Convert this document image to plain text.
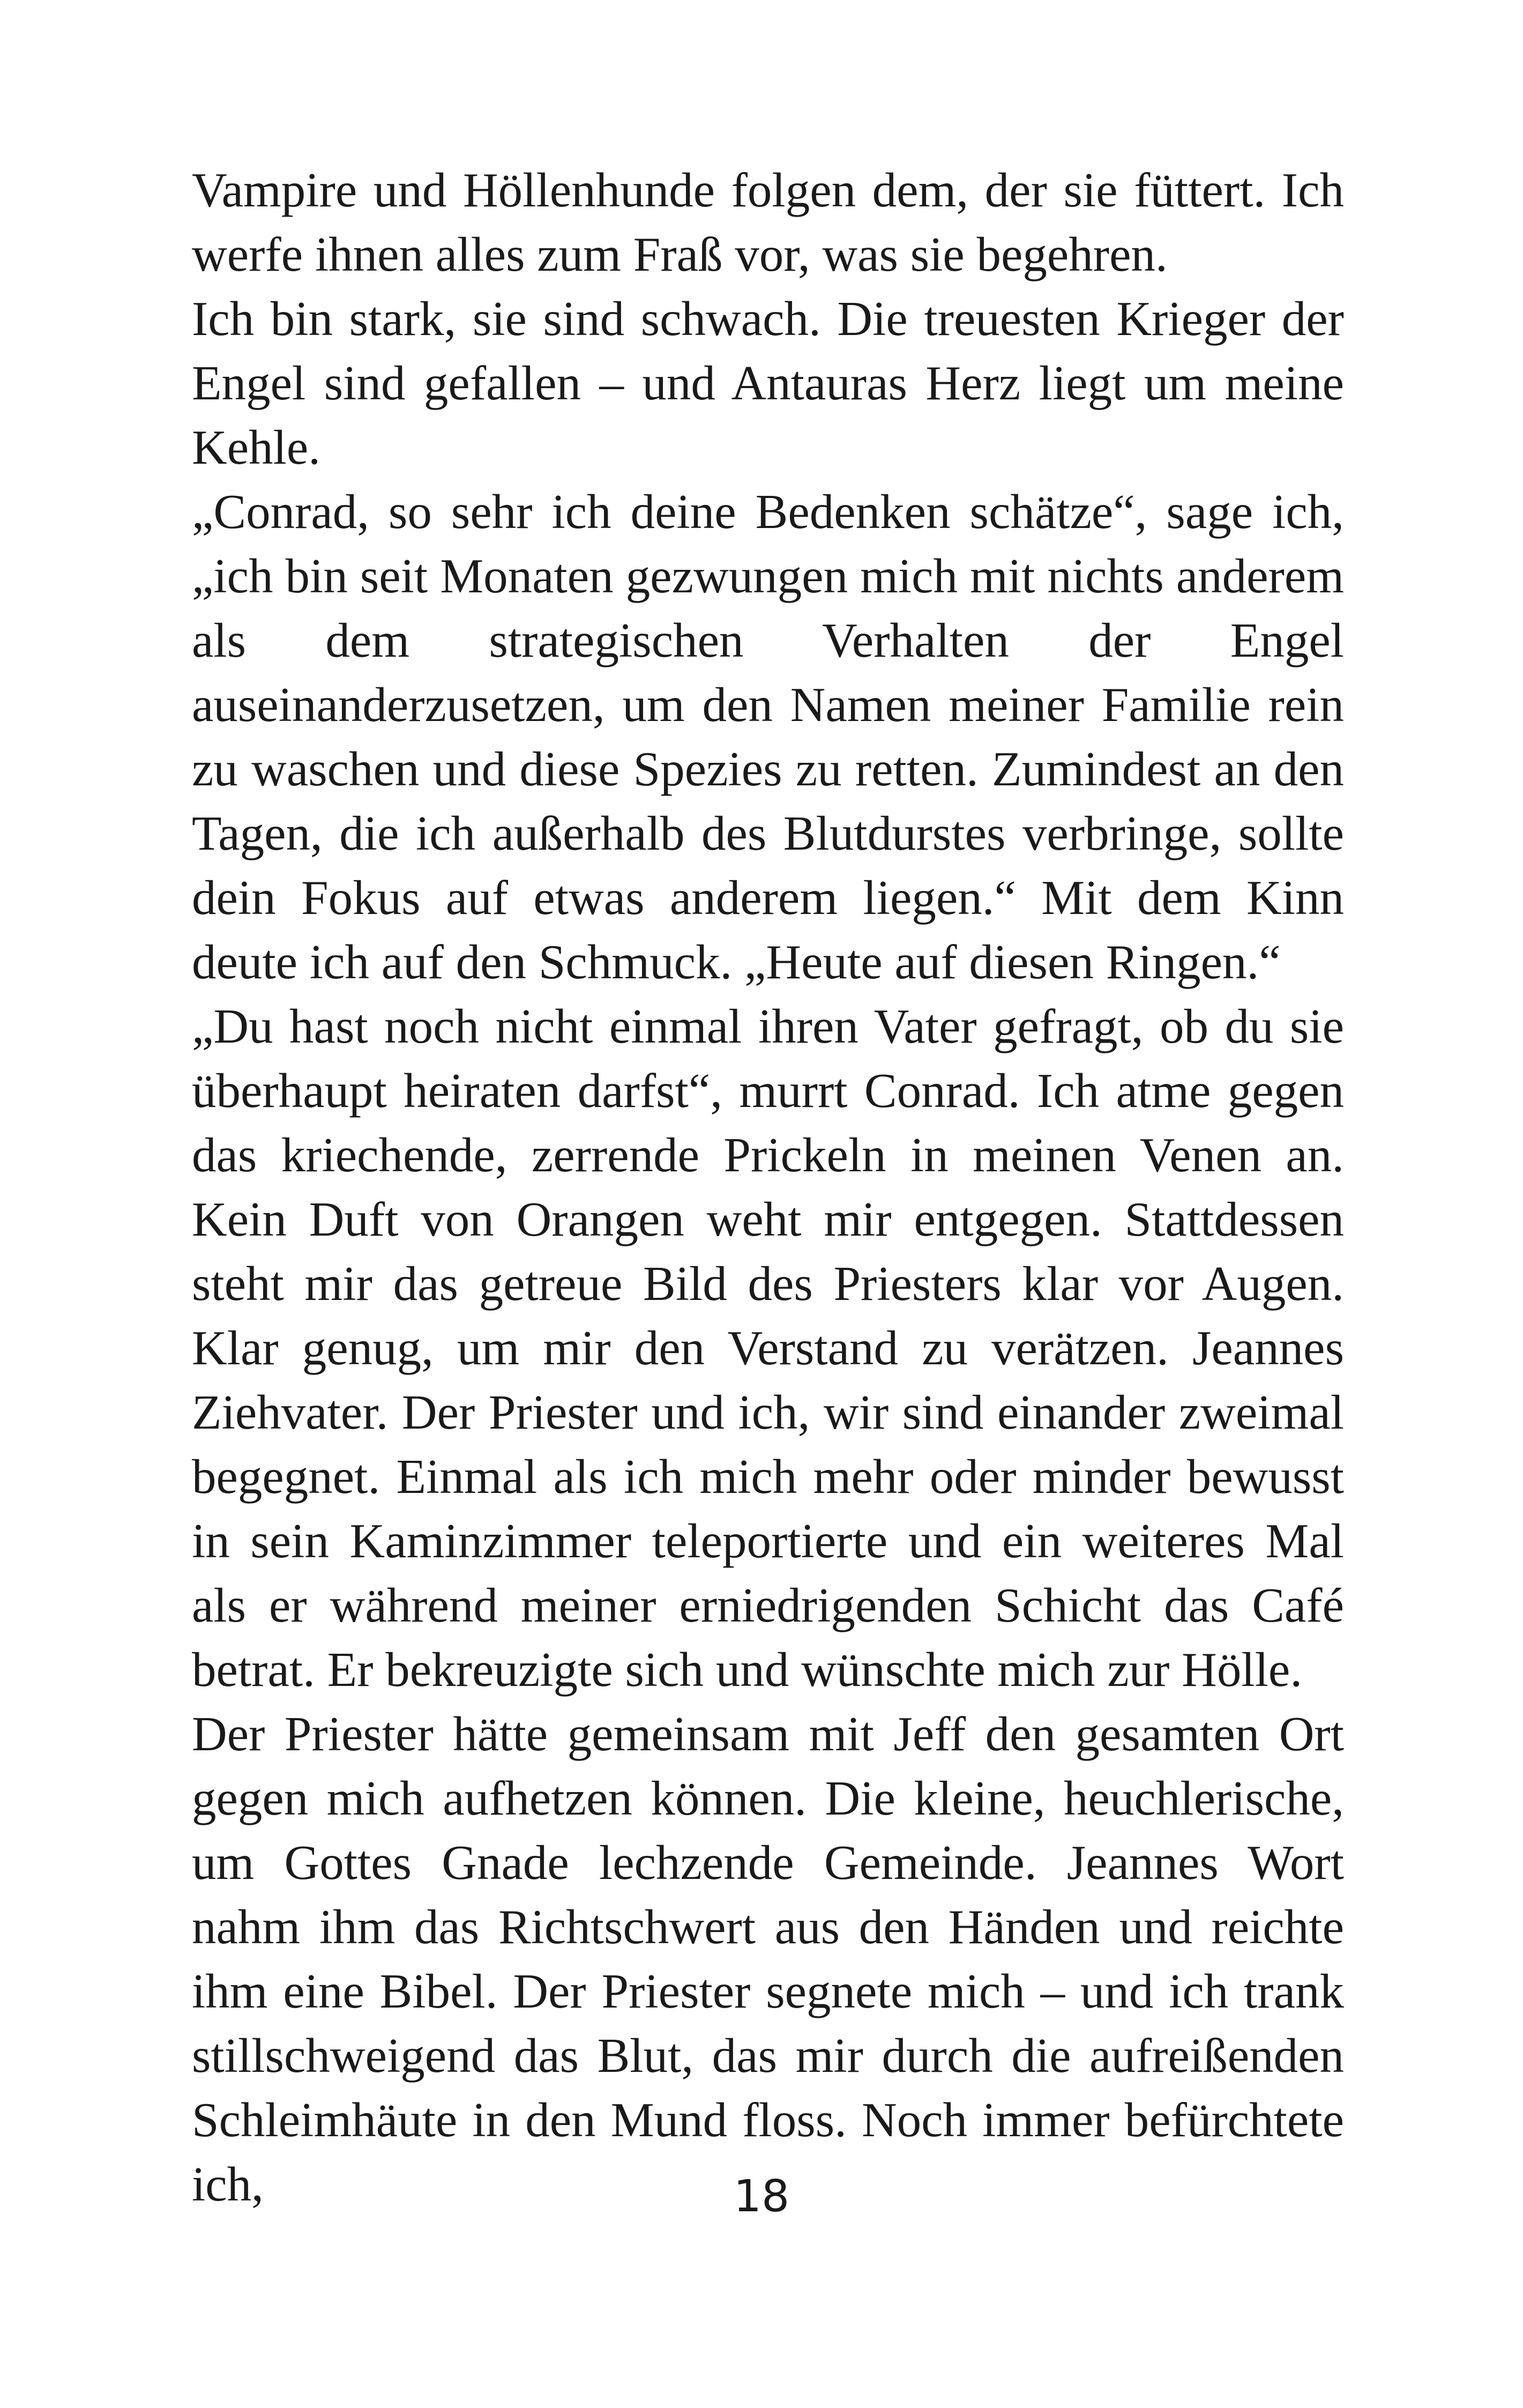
Vampire und Höllenhunde folgen dem, der sie füttert. Ich werfe ihnen alles zum Fraß vor, was sie begehren.

Ich bin stark, sie sind schwach. Die treuesten Krieger der Engel sind gefallen – und Antauras Herz liegt um meine Kehle.

„Conrad, so sehr ich deine Bedenken schätze“, sage ich, „ich bin seit Monaten gezwungen mich mit nichts anderem als dem strategischen Verhalten der Engel auseinanderzusetzen, um den Namen meiner Familie rein zu waschen und diese Spezies zu retten. Zumindest an den Tagen, die ich außerhalb des Blutdurstes verbringe, sollte dein Fokus auf etwas anderem liegen.“ Mit dem Kinn deute ich auf den Schmuck. „Heute auf diesen Ringen.“

„Du hast noch nicht einmal ihren Vater gefragt, ob du sie überhaupt heiraten darfst“, murrt Conrad. Ich atme gegen das kriechende, zerrende Prickeln in meinen Venen an. Kein Duft von Orangen weht mir entgegen. Stattdessen steht mir das getreue Bild des Priesters klar vor Augen. Klar genug, um mir den Verstand zu verätzen. Jeannes Ziehvater. Der Priester und ich, wir sind einander zweimal begegnet. Einmal als ich mich mehr oder minder bewusst in sein Kaminzimmer teleportierte und ein weiteres Mal als er während meiner erniedrigenden Schicht das Café betrat. Er bekreuzigte sich und wünschte mich zur Hölle.

Der Priester hätte gemeinsam mit Jeff den gesamten Ort gegen mich aufhetzen können. Die kleine, heuchlerische, um Gottes Gnade lechzende Gemeinde. Jeannes Wort nahm ihm das Richtschwert aus den Händen und reichte ihm eine Bibel. Der Priester segnete mich – und ich trank stillschweigend das Blut, das mir durch die aufreißenden Schleimhäute in den Mund floss. Noch immer befürchtete ich,	18
